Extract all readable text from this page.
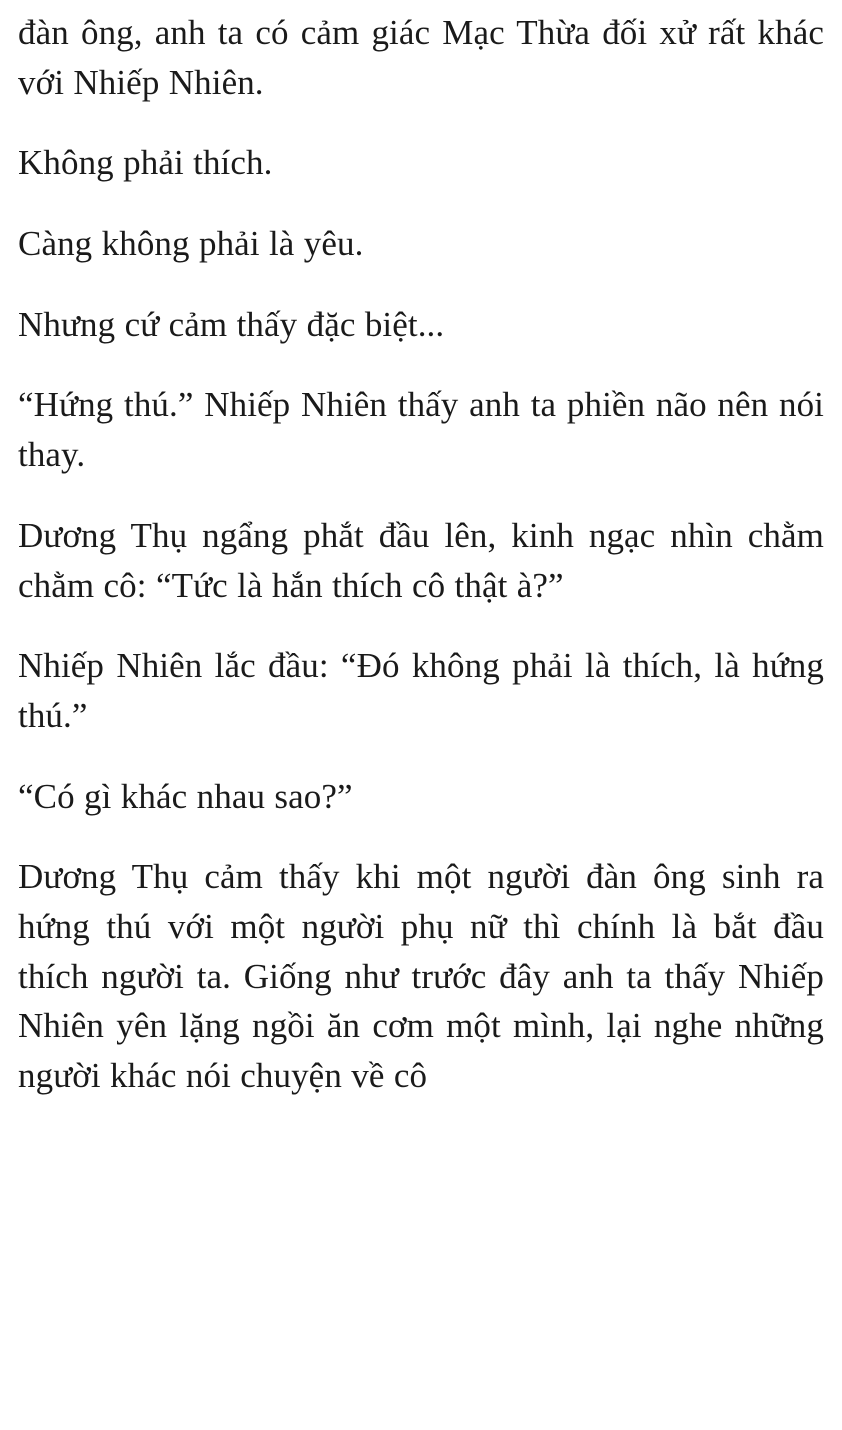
đàn ông, anh ta có cảm giác Mạc Thừa đối xử rất khác với Nhiếp Nhiên.

Không phải thích.

Càng không phải là yêu.

Nhưng cứ cảm thấy đặc biệt...

“Hứng thú.” Nhiếp Nhiên thấy anh ta phiền não nên nói thay.

Dương Thụ ngẩng phắt đầu lên, kinh ngạc nhìn chằm chằm cô: “Tức là hắn thích cô thật à?”

Nhiếp Nhiên lắc đầu: “Đó không phải là thích, là hứng thú.”

“Có gì khác nhau sao?”

Dương Thụ cảm thấy khi một người đàn ông sinh ra hứng thú với một người phụ nữ thì chính là bắt đầu thích người ta. Giống như trước đây anh ta thấy Nhiếp Nhiên yên lặng ngồi ăn cơm một mình, lại nghe những người khác nói chuyện về cô
